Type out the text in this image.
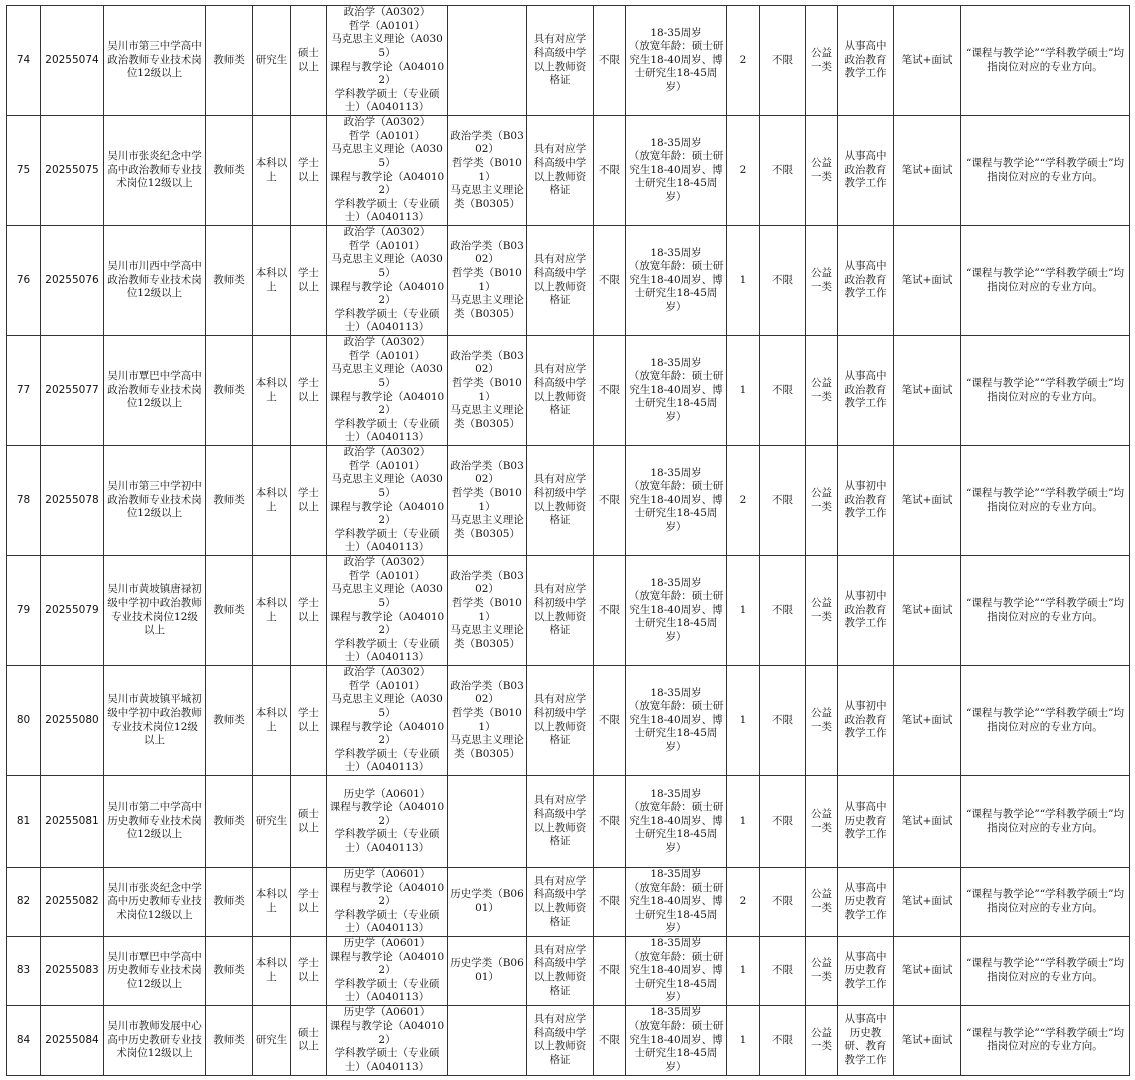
74	20255074	吴川市第三中学高中政治教师专业技术岗位12级以上	教师类	研究生	硕士以上	政治学（A0302）
哲学（A0101）
马克思主义理论（A0305）
课程与教学论（A040102）
学科教学硕士（专业硕士）（A040113）		具有对应学科高级中学以上教师资格证	不限	18-35周岁
（放宽年龄：硕士研究生18-40周岁、博士研究生18-45周岁）	2	不限	公益一类	从事高中政治教育教学工作	笔试+面试	“课程与教学论”“学科教学硕士”均指岗位对应的专业方向。
75	20255075	吴川市张炎纪念中学高中政治教师专业技术岗位12级以上	教师类	本科以上	学士以上	政治学（A0302）
哲学（A0101）
马克思主义理论（A0305）
课程与教学论（A040102）
学科教学硕士（专业硕士）（A040113）	政治学类（B0302）
哲学类（B0101）
马克思主义理论类（B0305）	具有对应学科高级中学以上教师资格证	不限	18-35周岁
（放宽年龄：硕士研究生18-40周岁、博士研究生18-45周岁）	2	不限	公益一类	从事高中政治教育教学工作	笔试+面试	“课程与教学论”“学科教学硕士”均指岗位对应的专业方向。
76	20255076	吴川市川西中学高中政治教师专业技术岗位12级以上	教师类	本科以上	学士以上	政治学（A0302）
哲学（A0101）
马克思主义理论（A0305）
课程与教学论（A040102）
学科教学硕士（专业硕士）（A040113）	政治学类（B0302）
哲学类（B0101）
马克思主义理论类（B0305）	具有对应学科高级中学以上教师资格证	不限	18-35周岁
（放宽年龄：硕士研究生18-40周岁、博士研究生18-45周岁）	1	不限	公益一类	从事高中政治教育教学工作	笔试+面试	“课程与教学论”“学科教学硕士”均指岗位对应的专业方向。
77	20255077	吴川市覃巴中学高中政治教师专业技术岗位12级以上	教师类	本科以上	学士以上	政治学（A0302）
哲学（A0101）
马克思主义理论（A0305）
课程与教学论（A040102）
学科教学硕士（专业硕士）（A040113）	政治学类（B0302）
哲学类（B0101）
马克思主义理论类（B0305）	具有对应学科高级中学以上教师资格证	不限	18-35周岁
（放宽年龄：硕士研究生18-40周岁、博士研究生18-45周岁）	1	不限	公益一类	从事高中政治教育教学工作	笔试+面试	“课程与教学论”“学科教学硕士”均指岗位对应的专业方向。
78	20255078	吴川市第三中学初中政治教师专业技术岗位12级以上	教师类	本科以上	学士以上	政治学（A0302）
哲学（A0101）
马克思主义理论（A0305）
课程与教学论（A040102）
学科教学硕士（专业硕士）（A040113）	政治学类（B0302）
哲学类（B0101）
马克思主义理论类（B0305）	具有对应学科初级中学以上教师资格证	不限	18-35周岁
（放宽年龄：硕士研究生18-40周岁、博士研究生18-45周岁）	2	不限	公益一类	从事初中政治教育教学工作	笔试+面试	“课程与教学论”“学科教学硕士”均指岗位对应的专业方向。
79	20255079	吴川市黄坡镇唐禄初级中学初中政治教师专业技术岗位12级以上	教师类	本科以上	学士以上	政治学（A0302）
哲学（A0101）
马克思主义理论（A0305）
课程与教学论（A040102）
学科教学硕士（专业硕士）（A040113）	政治学类（B0302）
哲学类（B0101）
马克思主义理论类（B0305）	具有对应学科初级中学以上教师资格证	不限	18-35周岁
（放宽年龄：硕士研究生18-40周岁、博士研究生18-45周岁）	1	不限	公益一类	从事初中政治教育教学工作	笔试+面试	“课程与教学论”“学科教学硕士”均指岗位对应的专业方向。
80	20255080	吴川市黄坡镇平城初级中学初中政治教师专业技术岗位12级以上	教师类	本科以上	学士以上	政治学（A0302）
哲学（A0101）
马克思主义理论（A0305）
课程与教学论（A040102）
学科教学硕士（专业硕士）（A040113）	政治学类（B0302）
哲学类（B0101）
马克思主义理论类（B0305）	具有对应学科初级中学以上教师资格证	不限	18-35周岁
（放宽年龄：硕士研究生18-40周岁、博士研究生18-45周岁）	1	不限	公益一类	从事初中政治教育教学工作	笔试+面试	“课程与教学论”“学科教学硕士”均指岗位对应的专业方向。
81	20255081	吴川市第二中学高中历史教师专业技术岗位12级以上	教师类	研究生	硕士以上	历史学（A0601）
课程与教学论（A040102）
学科教学硕士（专业硕士）（A040113）		具有对应学科高级中学以上教师资格证	不限	18-35周岁
（放宽年龄：硕士研究生18-40周岁、博士研究生18-45周岁）	1	不限	公益一类	从事高中历史教育教学工作	笔试+面试	“课程与教学论”“学科教学硕士”均指岗位对应的专业方向。
82	20255082	吴川市张炎纪念中学高中历史教师专业技术岗位12级以上	教师类	本科以上	学士以上	历史学（A0601）
课程与教学论（A040102）
学科教学硕士（专业硕士）（A040113）	历史学类（B0601）	具有对应学科高级中学以上教师资格证	不限	18-35周岁
（放宽年龄：硕士研究生18-40周岁、博士研究生18-45周岁）	2	不限	公益一类	从事高中历史教育教学工作	笔试+面试	“课程与教学论”“学科教学硕士”均指岗位对应的专业方向。
83	20255083	吴川市覃巴中学高中历史教师专业技术岗位12级以上	教师类	本科以上	学士以上	历史学（A0601）
课程与教学论（A040102）
学科教学硕士（专业硕士）（A040113）	历史学类（B0601）	具有对应学科高级中学以上教师资格证	不限	18-35周岁
（放宽年龄：硕士研究生18-40周岁、博士研究生18-45周岁）	1	不限	公益一类	从事高中历史教育教学工作	笔试+面试	“课程与教学论”“学科教学硕士”均指岗位对应的专业方向。
84	20255084	吴川市教师发展中心高中历史教研专业技术岗位12级以上	教师类	研究生	硕士以上	历史学（A0601）
课程与教学论（A040102）
学科教学硕士（专业硕士）（A040113）		具有对应学科高级中学以上教师资格证	不限	18-35周岁
（放宽年龄：硕士研究生18-40周岁、博士研究生18-45周岁）	1	不限	公益一类	从事高中历史教研、教育教学工作	笔试+面试	“课程与教学论”“学科教学硕士”均指岗位对应的专业方向。
